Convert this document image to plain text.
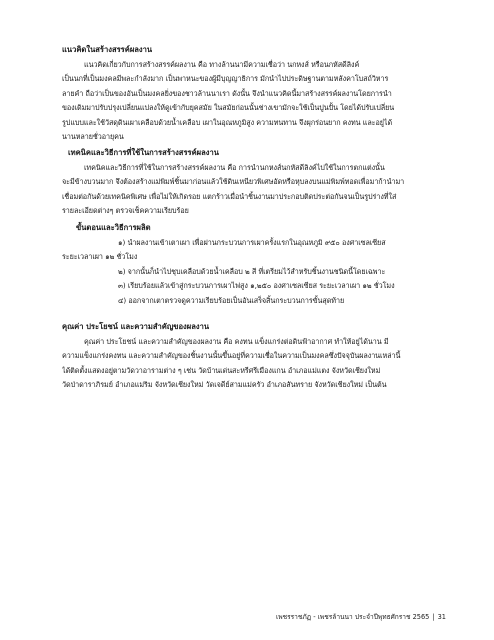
แนวคิดในสร้างสรรค์ผลงาน
แนวคิดเกี่ยวกับการสร้างสรรค์ผลงาน คือ ทางล้านนามีความเชื่อว่า นกหงส์ หรือนกหัสดีลิงค์
เป็นนกที่เป็นมงคลมีพละกำลังมาก เป็นพาหนะของผู้มีบุญญาธิการ มักนำไปประดิษฐานตามหลังคาโบสถ์วิหาร
ลายคำ ถือว่าเป็นของอันเป็นมงคลยิ่งของชาวล้านนาเรา ดังนั้น จึงนำแนวคิดนี้มาสร้างสรรค์ผลงานโดยการนำ
ของเดิมมาปรับปรุงเปลี่ยนแปลงให้ดูเข้ากับยุคสมัย ในสมัยก่อนนั้นช่างเขามักจะใช้เป็นปูนปั้น โดยได้ปรับเปลี่ยน
รูปแบบและใช้วัสดุดินเผาเคลือบด้วยน้ำเคลือบ เผาในอุณหภูมิสูง ความทนทาน จึงผุกร่อนยาก คงทน และอยู่ได้
นานหลายชั่วอายุคน
เทคนิคและวิธีการที่ใช้ในการสร้างสรรค์ผลงาน
เทคนิคและวิธีการที่ใช้ในการสร้างสรรค์ผลงาน คือ การนำนกหงส์นกหัสดีลิงค์ไปใช้ในการตกแต่งนั้น
จะมีข้างบวนมาก จึงต้องสร้างแม่พิมพ์ชิ้นมาก่อนแล้วใช้ดินเหนียวพิเศษอัดหรือหุบลงบนแม่พิมพ์ทอดเพื่อมาก้านำมา
เชื่อมต่อกันด้วยเทคนิคพิเศษ เพื่อไม่ให้เกิดรอย แตกร้าวเมื่อนำชิ้นงานมาประกอบติดประต่อกันจนเป็นรูปร่างที่ใส่
รายละเอียดต่างๆ ตรวจเช็คความเรียบร้อย
ขั้นตอนและวิธีการผลิต
๑) นำผลงานเข้าเตาเผา เพื่อผ่านกระบวนการเผาครั้งแรกในอุณหภูมิ ๙๕๐ องศาเซลเซียส
ระยะเวลาเผา ๑๒ ชั่วโมง
๒) จากนั้นก็นำไปชุบเคลือบด้วยน้ำเคลือบ ๒ สี ที่เตรียมไว้สำหรับชิ้นงานชนิดนี้โดยเฉพาะ
๓) เรียบร้อยแล้วเข้าสู่กระบวนการเผาไฟสูง ๑,๒๕๐ องศาเซลเซียส ระยะเวลาเผา ๑๒ ชั่วโมง
๔) ออกจากเตาตรวจดูความเรียบร้อยเป็นอันเสร็จสิ้นกระบวนการขั้นสุดท้าย
คุณค่า ประโยชน์ และความสำคัญของผลงาน
คุณค่า ประโยชน์ และความสำคัญของผลงาน คือ คงทน แข็งแกร่งต่อดินฟ้าอากาศ ทำให้อยู่ได้นาน มี
ความแข็งแกร่งคงทน และความสำคัญของชิ้นงานนั้นขึ้นอยู่ที่ความเชื่อในความเป็นมงคลซึ่งปัจจุบันผลงานเหล่านี้
ได้ติดตั้งแสดงอยู่ตามวัดวาอารามต่าง ๆ เช่น วัดบ้านเด่นสะหรีศรีเมืองแกน อำเภอแม่แตง จังหวัดเชียงใหม่
วัดป่าดาราภิรมย์ อำเภอแม่ริม จังหวัดเชียงใหม่ วัดเจดีย์สามแม่ครัว อำเภอสันทราย จังหวัดเชียงใหม่ เป็นต้น
เพชรราชภัฏ - เพชรล้านนา ประจำปีพุทธศักราช 2565 | 31
